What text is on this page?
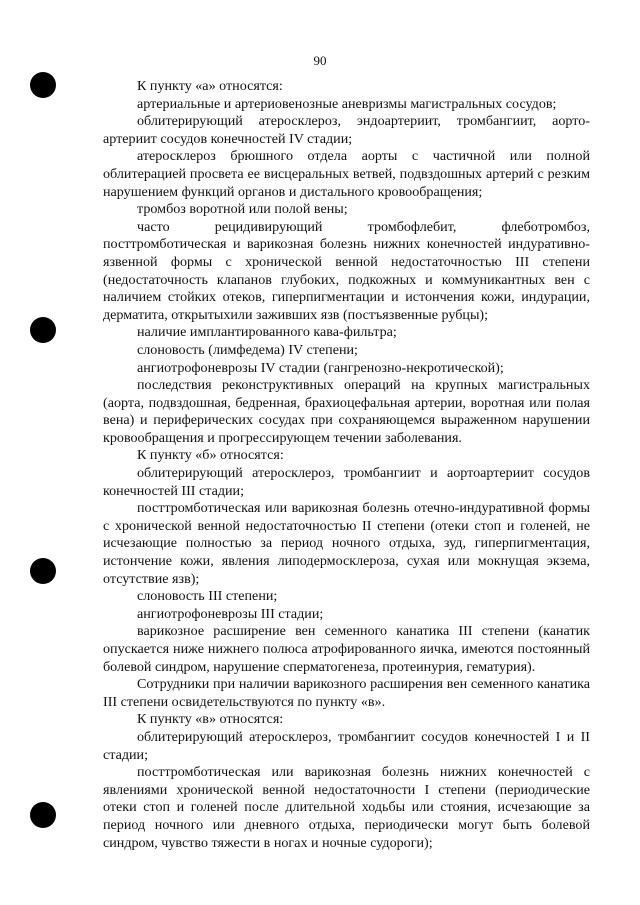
90

К пункту «а» относятся:

артериальные и артериовенозные аневризмы магистральных сосудов;

облитерирующий атеросклероз, эндоартериит, тромбангиит, аорто-артериит сосудов конечностей IV стадии;

атеросклероз брюшного отдела аорты с частичной или полной облитерацией просвета ее висцеральных ветвей, подвздошных артерий с резким нарушением функций органов и дистального кровообращения;

тромбоз воротной или полой вены;

часто рецидивирующий тромбофлебит, флеботромбоз, посттромботическая и варикозная болезнь нижних конечностей индуративно-язвенной формы с хронической венной недостаточностью III степени (недостаточность клапанов глубоких, подкожных и коммуникантных вен с наличием стойких отеков, гиперпигментации и истончения кожи, индурации, дерматита, открытыхили заживших язв (постъязвенные рубцы);

наличие имплантированного кава-фильтра;

слоновость (лимфедема) IV степени;

ангиотрофоневрозы IV стадии (гангренозно-некротической);

последствия реконструктивных операций на крупных магистральных (аорта, подвздошная, бедренная, брахиоцефальная артерии, воротная или полая вена) и периферических сосудах при сохраняющемся выраженном нарушении кровообращения и прогрессирующем течении заболевания.

К пункту «б» относятся:

облитерирующий атеросклероз, тромбангиит и аортоартериит сосудов конечностей III стадии;

посттромботическая или варикозная болезнь отечно-индуративной формы с хронической венной недостаточностью II степени (отеки стоп и голеней, не исчезающие полностью за период ночного отдыха, зуд, гиперпигментация, истончение кожи, явления липодермосклероза, сухая или мокнущая экзема, отсутствие язв);

слоновость III степени;

ангиотрофоневрозы III стадии;

варикозное расширение вен семенного канатика III степени (канатик опускается ниже нижнего полюса атрофированного яичка, имеются постоянный болевой синдром, нарушение сперматогенеза, протеинурия, гематурия).

Сотрудники при наличии варикозного расширения вен семенного канатика III степени освидетельствуются по пункту «в».

К пункту «в» относятся:

облитерирующий атеросклероз, тромбангиит сосудов конечностей I и II стадии;

посттромботическая или варикозная болезнь нижних конечностей с явлениями хронической венной недостаточности I степени (периодические отеки стоп и голеней после длительной ходьбы или стояния, исчезающие за период ночного или дневного отдыха, периодически могут быть болевой синдром, чувство тяжести в ногах и ночные судороги);
